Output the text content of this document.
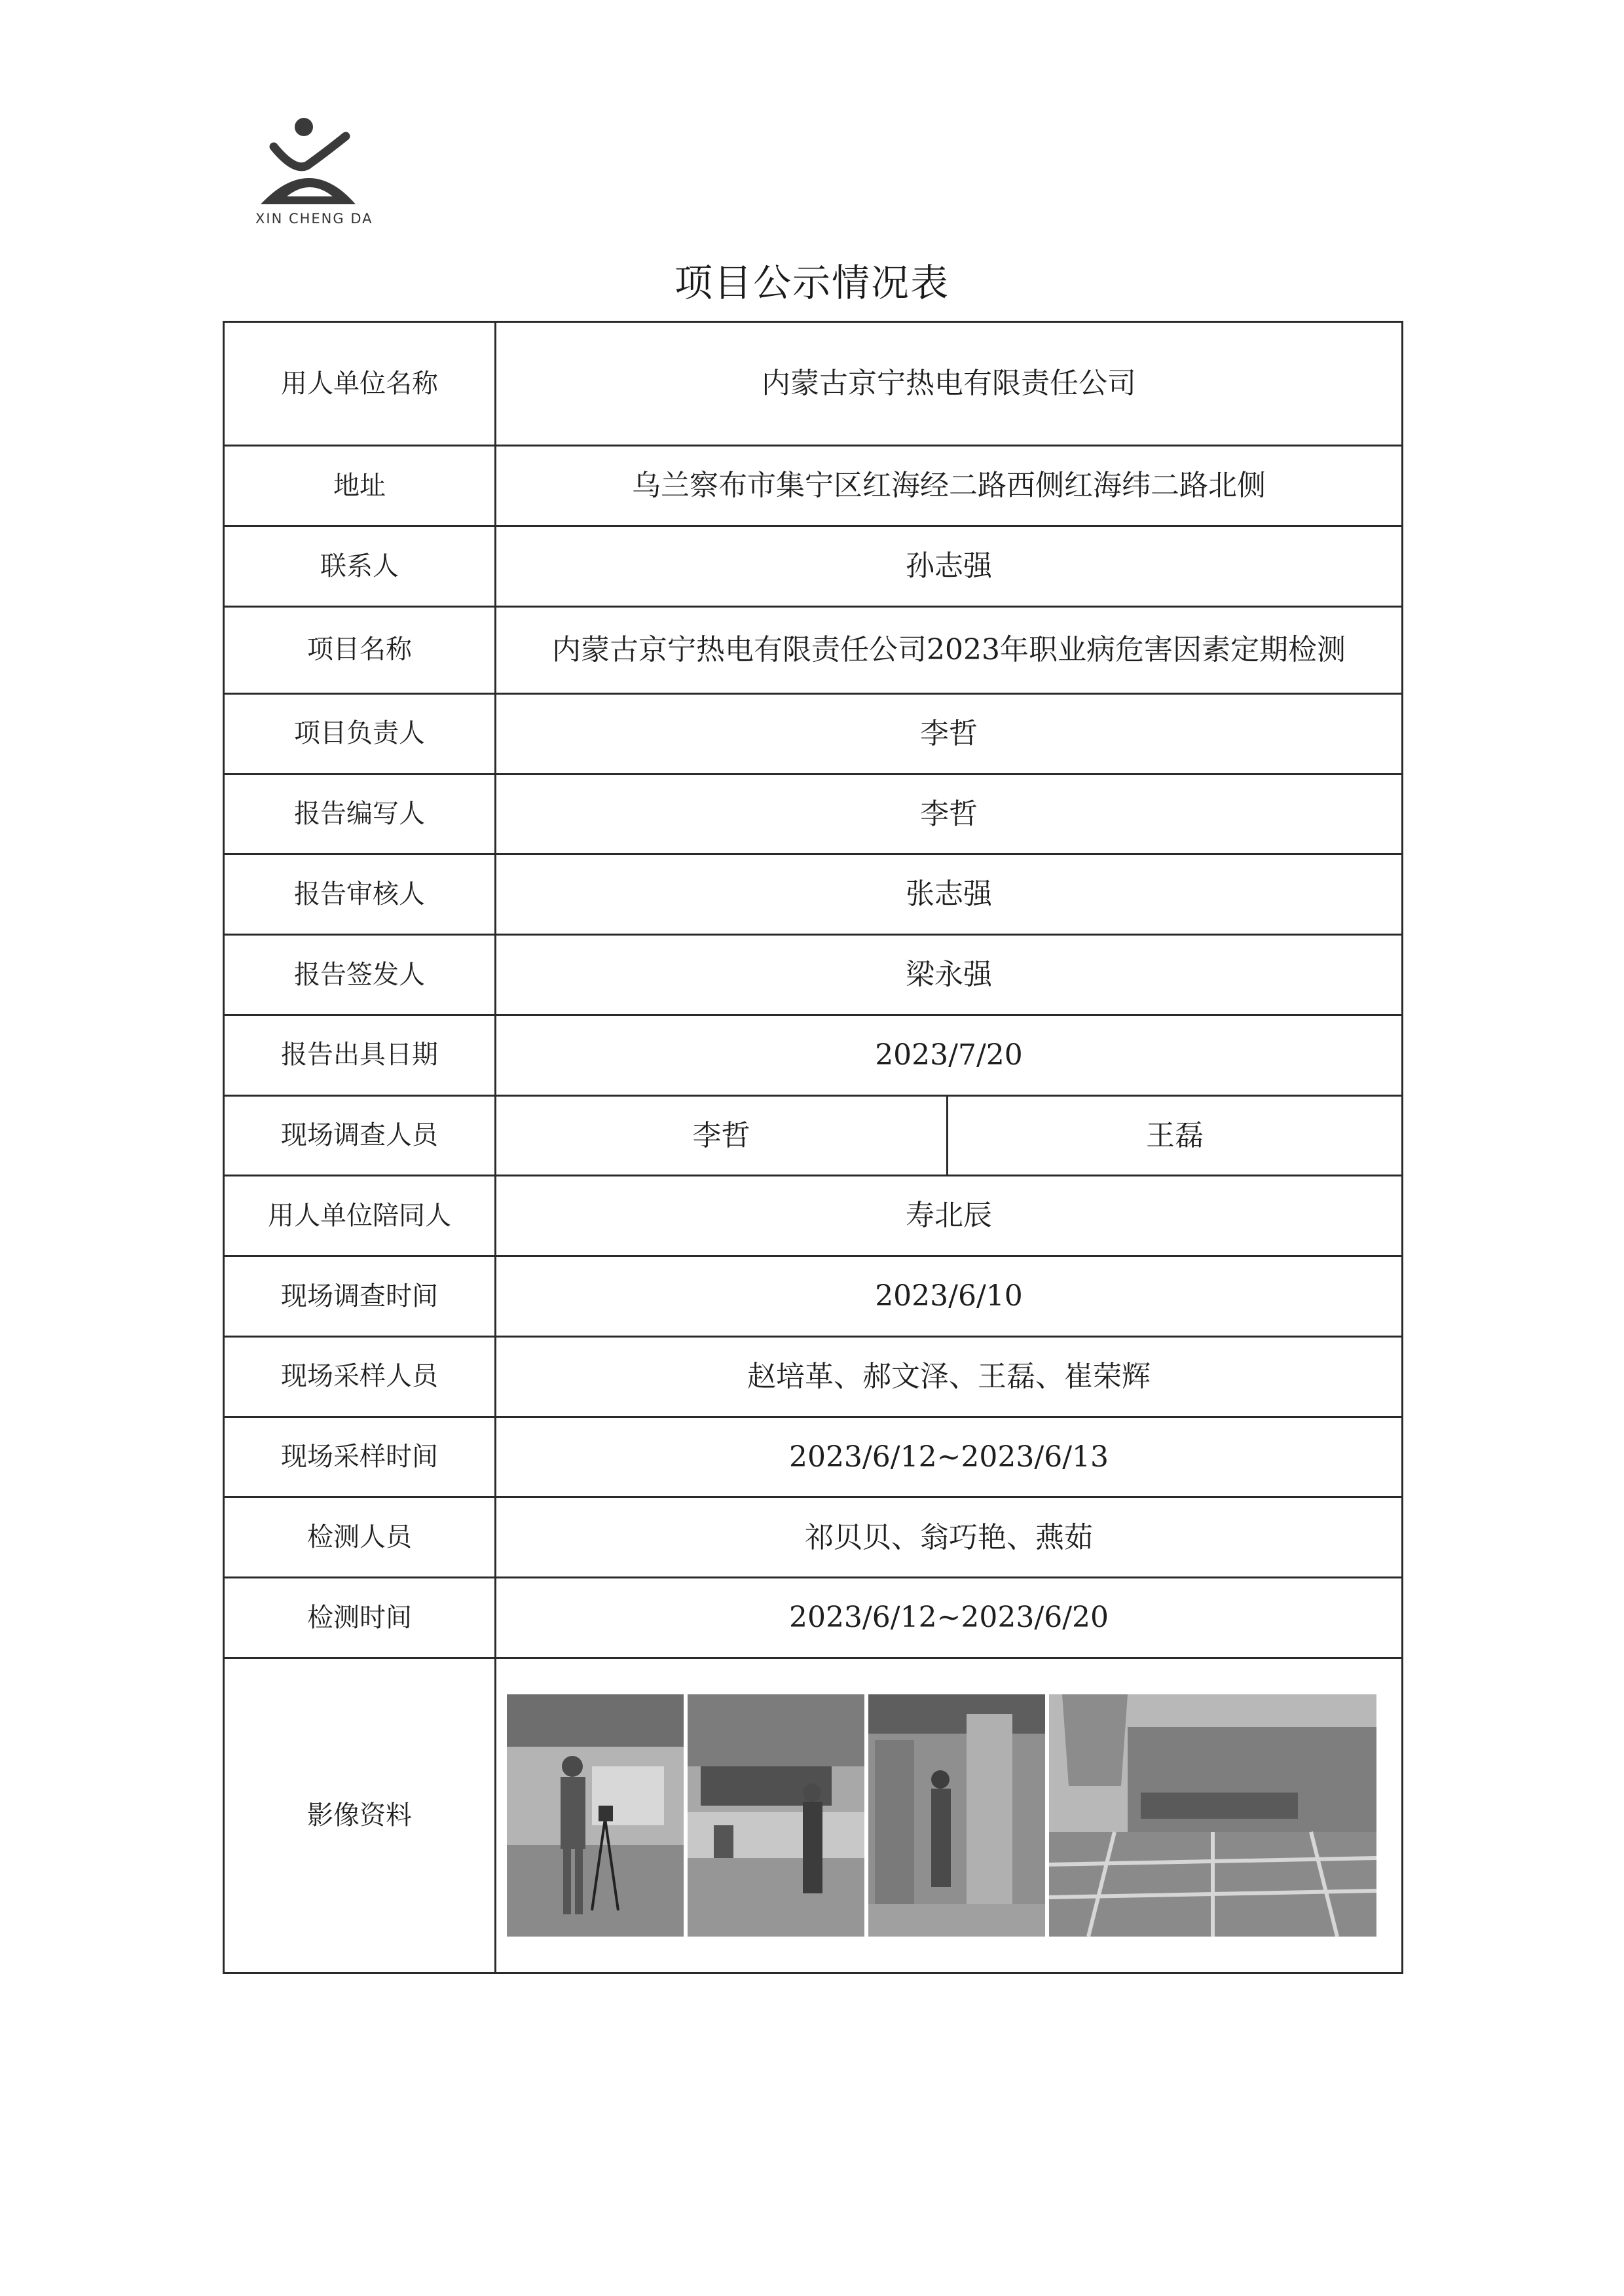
XIN CHENG DA
项目公示情况表
用人单位名称	内蒙古京宁热电有限责任公司	
地址	乌兰察布市集宁区红海经二路西侧红海纬二路北侧	
联系人	孙志强	
项目名称	内蒙古京宁热电有限责任公司2023年职业病危害因素定期检测	
项目负责人	李哲	
报告编写人	李哲	
报告审核人	张志强	
报告签发人	梁永强	
报告出具日期	2023/7/20	
现场调查人员	李哲	王磊
用人单位陪同人	寿北辰	
现场调查时间	2023/6/10	
现场采样人员	赵培革、郝文泽、王磊、崔荣辉	
现场采样时间	2023/6/12~2023/6/13	
检测人员	祁贝贝、翁巧艳、燕茹	
检测时间	2023/6/12~2023/6/20	
影像资料	
